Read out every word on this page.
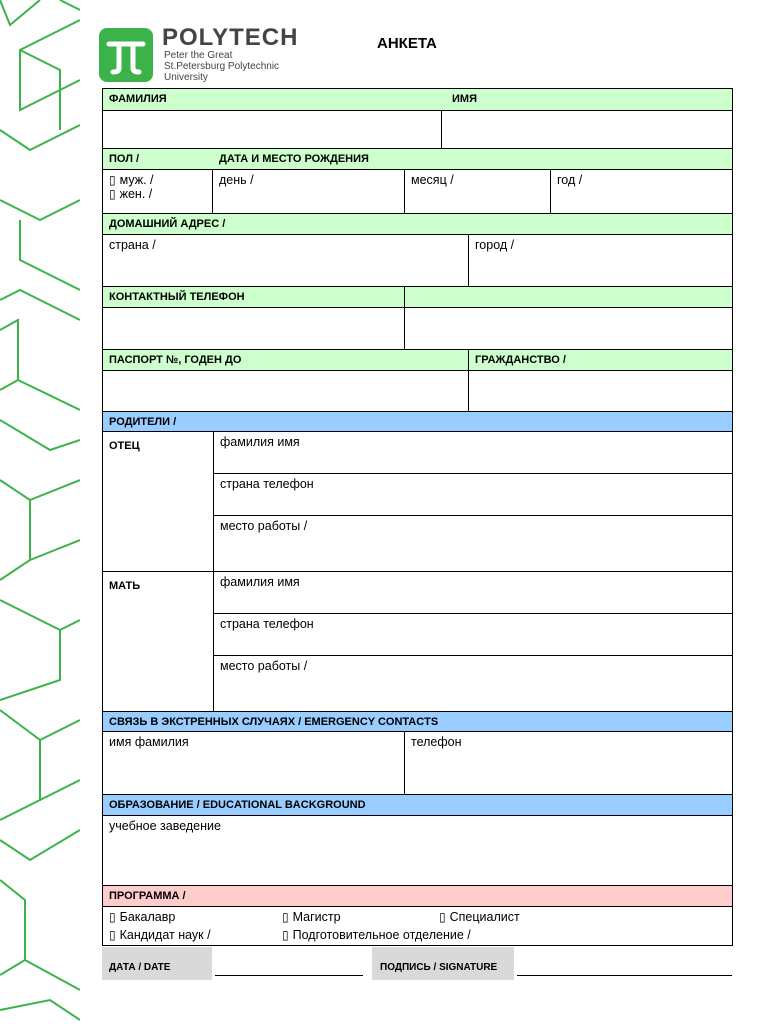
POLYTECH
Peter the Great
St.Petersburg Polytechnic
University
АНКЕТА
ФАМИЛИЯ	ИМЯ
ПОЛ /	ДАТА И МЕСТО РОЖДЕНИЯ
▯ муж. /
▯ жен. /
день /	месяц /	год /
ДОМАШНИЙ АДРЕС /
страна /	город /
КОНТАКТНЫЙ ТЕЛЕФОН
ПАСПОРТ №, ГОДЕН ДО	ГРАЖДАНСТВО /
РОДИТЕЛИ /
ОТЕЦ	фамилия имя
страна телефон
место работы /
МАТЬ	фамилия имя
страна телефон
место работы /
СВЯЗЬ В ЭКСТРЕННЫХ СЛУЧАЯХ / EMERGENCY CONTACTS
имя фамилия	телефон
ОБРАЗОВАНИЕ / EDUCATIONAL BACKGROUND
учебное заведение
ПРОГРАММА /
▯ Бакалавр	▯ Магистр	▯ Специалист
▯ Кандидат наук /	▯ Подготовительное отделение /
ДАТА / DATE	ПОДПИСЬ / SIGNATURE
